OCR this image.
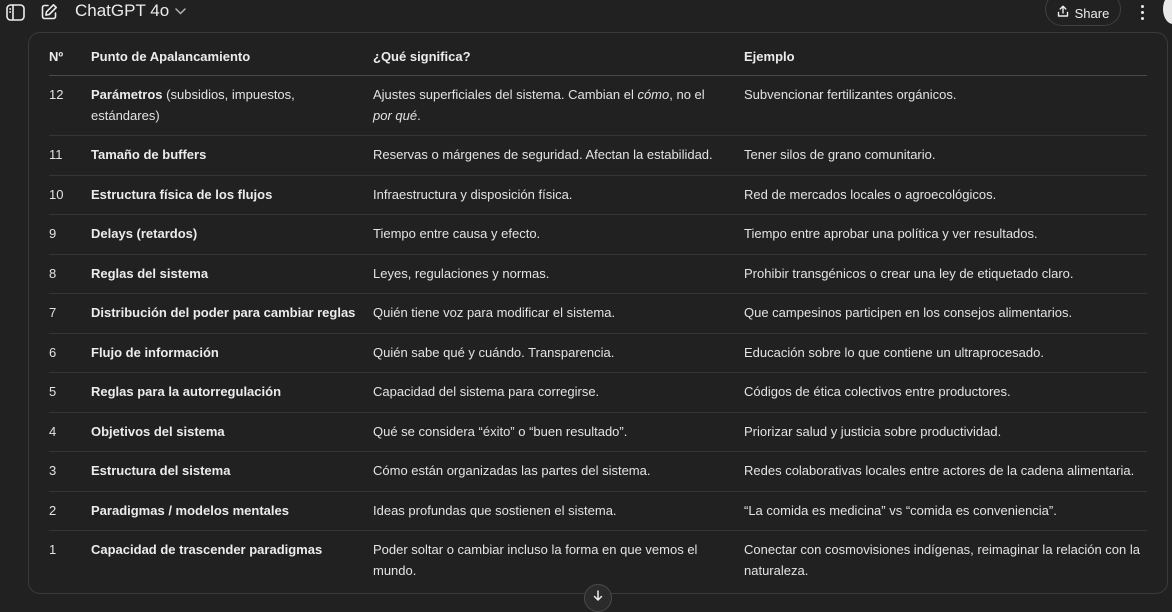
ChatGPT 4o	Share
Nº	Punto de Apalancamiento	¿Qué significa?	Ejemplo
12	Parámetros (subsidios, impuestos, estándares)	Ajustes superficiales del sistema. Cambian el cómo, no el por qué.	Subvencionar fertilizantes orgánicos.
11	Tamaño de buffers	Reservas o márgenes de seguridad. Afectan la estabilidad.	Tener silos de grano comunitario.
10	Estructura física de los flujos	Infraestructura y disposición física.	Red de mercados locales o agroecológicos.
9	Delays (retardos)	Tiempo entre causa y efecto.	Tiempo entre aprobar una política y ver resultados.
8	Reglas del sistema	Leyes, regulaciones y normas.	Prohibir transgénicos o crear una ley de etiquetado claro.
7	Distribución del poder para cambiar reglas	Quién tiene voz para modificar el sistema.	Que campesinos participen en los consejos alimentarios.
6	Flujo de información	Quién sabe qué y cuándo. Transparencia.	Educación sobre lo que contiene un ultraprocesado.
5	Reglas para la autorregulación	Capacidad del sistema para corregirse.	Códigos de ética colectivos entre productores.
4	Objetivos del sistema	Qué se considera “éxito” o “buen resultado”.	Priorizar salud y justicia sobre productividad.
3	Estructura del sistema	Cómo están organizadas las partes del sistema.	Redes colaborativas locales entre actores de la cadena alimentaria.
2	Paradigmas / modelos mentales	Ideas profundas que sostienen el sistema.	“La comida es medicina” vs “comida es conveniencia”.
1	Capacidad de trascender paradigmas	Poder soltar o cambiar incluso la forma en que vemos el mundo.	Conectar con cosmovisiones indígenas, reimaginar la relación con la naturaleza.
